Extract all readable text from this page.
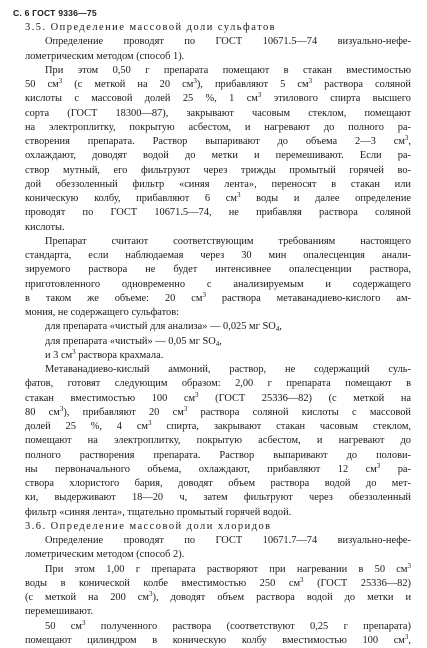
С. 6 ГОСТ 9336—75
3.5. Определение массовой доли сульфатов
Определение проводят по ГОСТ 10671.5—74 визуально-нефе-
лометрическим методом (способ 1).
При этом 0,50 г препарата помещают в стакан вместимостью
50 $см^3$ (с меткой на 20 $см^3$), прибавляют 5 $см^3$ раствора соляной
кислоты с массовой долей 25 %, 1 $см^3$ этилового спирта высшего
сорта (ГОСТ 18300—87), закрывают часовым стеклом, помещают
на электроплитку, покрытую асбестом, и нагревают до полного ра-
створения препарата. Раствор выпаривают до объема 2—3 $см^3$,
охлаждают, доводят водой до метки и перемешивают. Если ра-
створ мутный, его фильтруют через трижды промытый горячей во-
дой обеззоленный фильтр «синяя лента», переносят в стакан или
коническую колбу, прибавляют 6 $см^3$ воды и далее определение
проводят по ГОСТ 10671.5—74, не прибавляя раствора соляной
кислоты.
Препарат считают соответствующим требованиям настоящего
стандарта, если наблюдаемая через 30 мин опалесценция анали-
зируемого раствора не будет интенсивнее опалесценции раствора,
приготовленного одновременно с анализируемым и содержащего
в таком же объеме: 20 $см^3$ раствора метаванадиево-кислого ам-
мония, не содержащего сульфатов:
для препарата «чистый для анализа» — 0,025 мг $SO_4$,
для препарата «чистый» — 0,05 мг $SO_4$,
и 3 $см^3$ раствора крахмала.
Метаванадиево-кислый аммоний, раствор, не содержащий суль-
фатов, готовят следующим образом: 2,00 г препарата помещают в
стакан вместимостью 100 $см^3$ (ГОСТ 25336—82) (с меткой на
80 $см^3$), прибавляют 20 $см^3$ раствора соляной кислоты с массовой
долей 25 %, 4 $см^3$ спирта, закрывают стакан часовым стеклом,
помещают на электроплитку, покрытую асбестом, и нагревают до
полного растворения препарата. Раствор выпаривают до полови-
ны первоначального объема, охлаждают, прибавляют 12 $см^3$ ра-
створа хлористого бария, доводят объем раствора водой до мет-
ки, выдерживают 18—20 ч, затем фильтруют через обеззоленный
фильтр «синяя лента», тщательно промытый горячей водой.
3.6. Определение массовой доли хлоридов
Определение проводят по ГОСТ 10671.7—74 визуально-нефе-
лометрическим методом (способ 2).
При этом 1,00 г препарата растворяют при нагревании в 50 $см^3$
воды в конической колбе вместимостью 250 $см^3$ (ГОСТ 25336—82)
(с меткой на 200 $см^3$), доводят объем раствора водой до метки и
перемешивают.
50 $см^3$ полученного раствора (соответствуют 0,25 г препарата)
помещают цилиндром в коническую колбу вместимостью 100 $см^3$,
